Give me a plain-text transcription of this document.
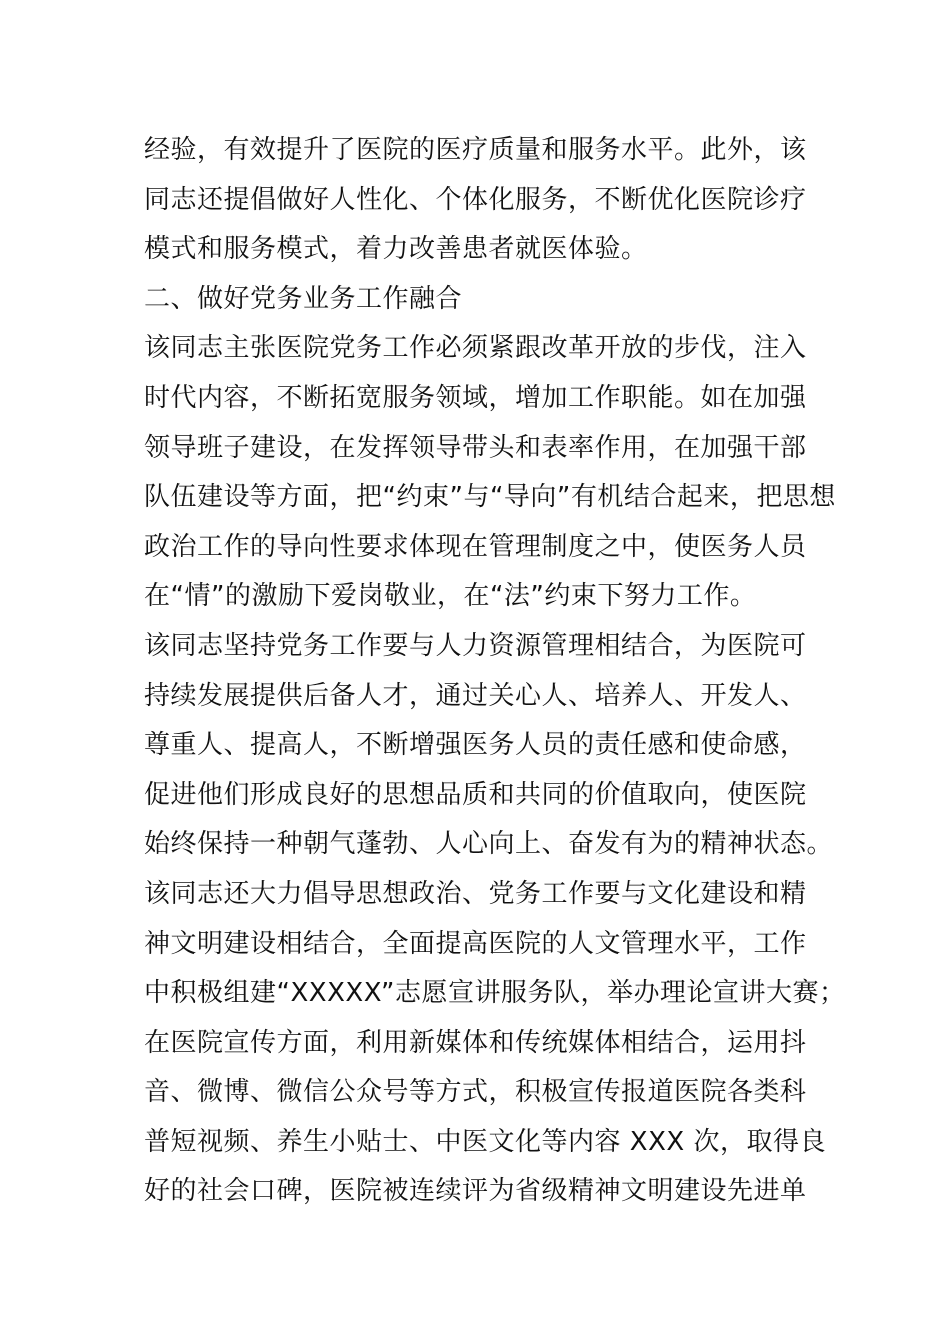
经验，有效提升了医院的医疗质量和服务水平。此外，该
同志还提倡做好人性化、个体化服务，不断优化医院诊疗
模式和服务模式，着力改善患者就医体验。
二、做好党务业务工作融合
该同志主张医院党务工作必须紧跟改革开放的步伐，注入
时代内容，不断拓宽服务领域，增加工作职能。如在加强
领导班子建设，在发挥领导带头和表率作用，在加强干部
队伍建设等方面，把“约束”与“导向”有机结合起来，把思想
政治工作的导向性要求体现在管理制度之中，使医务人员
在“情”的激励下爱岗敬业，在“法”约束下努力工作。
该同志坚持党务工作要与人力资源管理相结合，为医院可
持续发展提供后备人才，通过关心人、培养人、开发人、
尊重人、提高人，不断增强医务人员的责任感和使命感，
促进他们形成良好的思想品质和共同的价值取向，使医院
始终保持一种朝气蓬勃、人心向上、奋发有为的精神状态。
该同志还大力倡导思想政治、党务工作要与文化建设和精
神文明建设相结合，全面提高医院的人文管理水平，工作
中积极组建“XXXXX”志愿宣讲服务队，举办理论宣讲大赛；
在医院宣传方面，利用新媒体和传统媒体相结合，运用抖
音、微博、微信公众号等方式，积极宣传报道医院各类科
普短视频、养生小贴士、中医文化等内容 XXX 次，取得良
好的社会口碑，医院被连续评为省级精神文明建设先进单
